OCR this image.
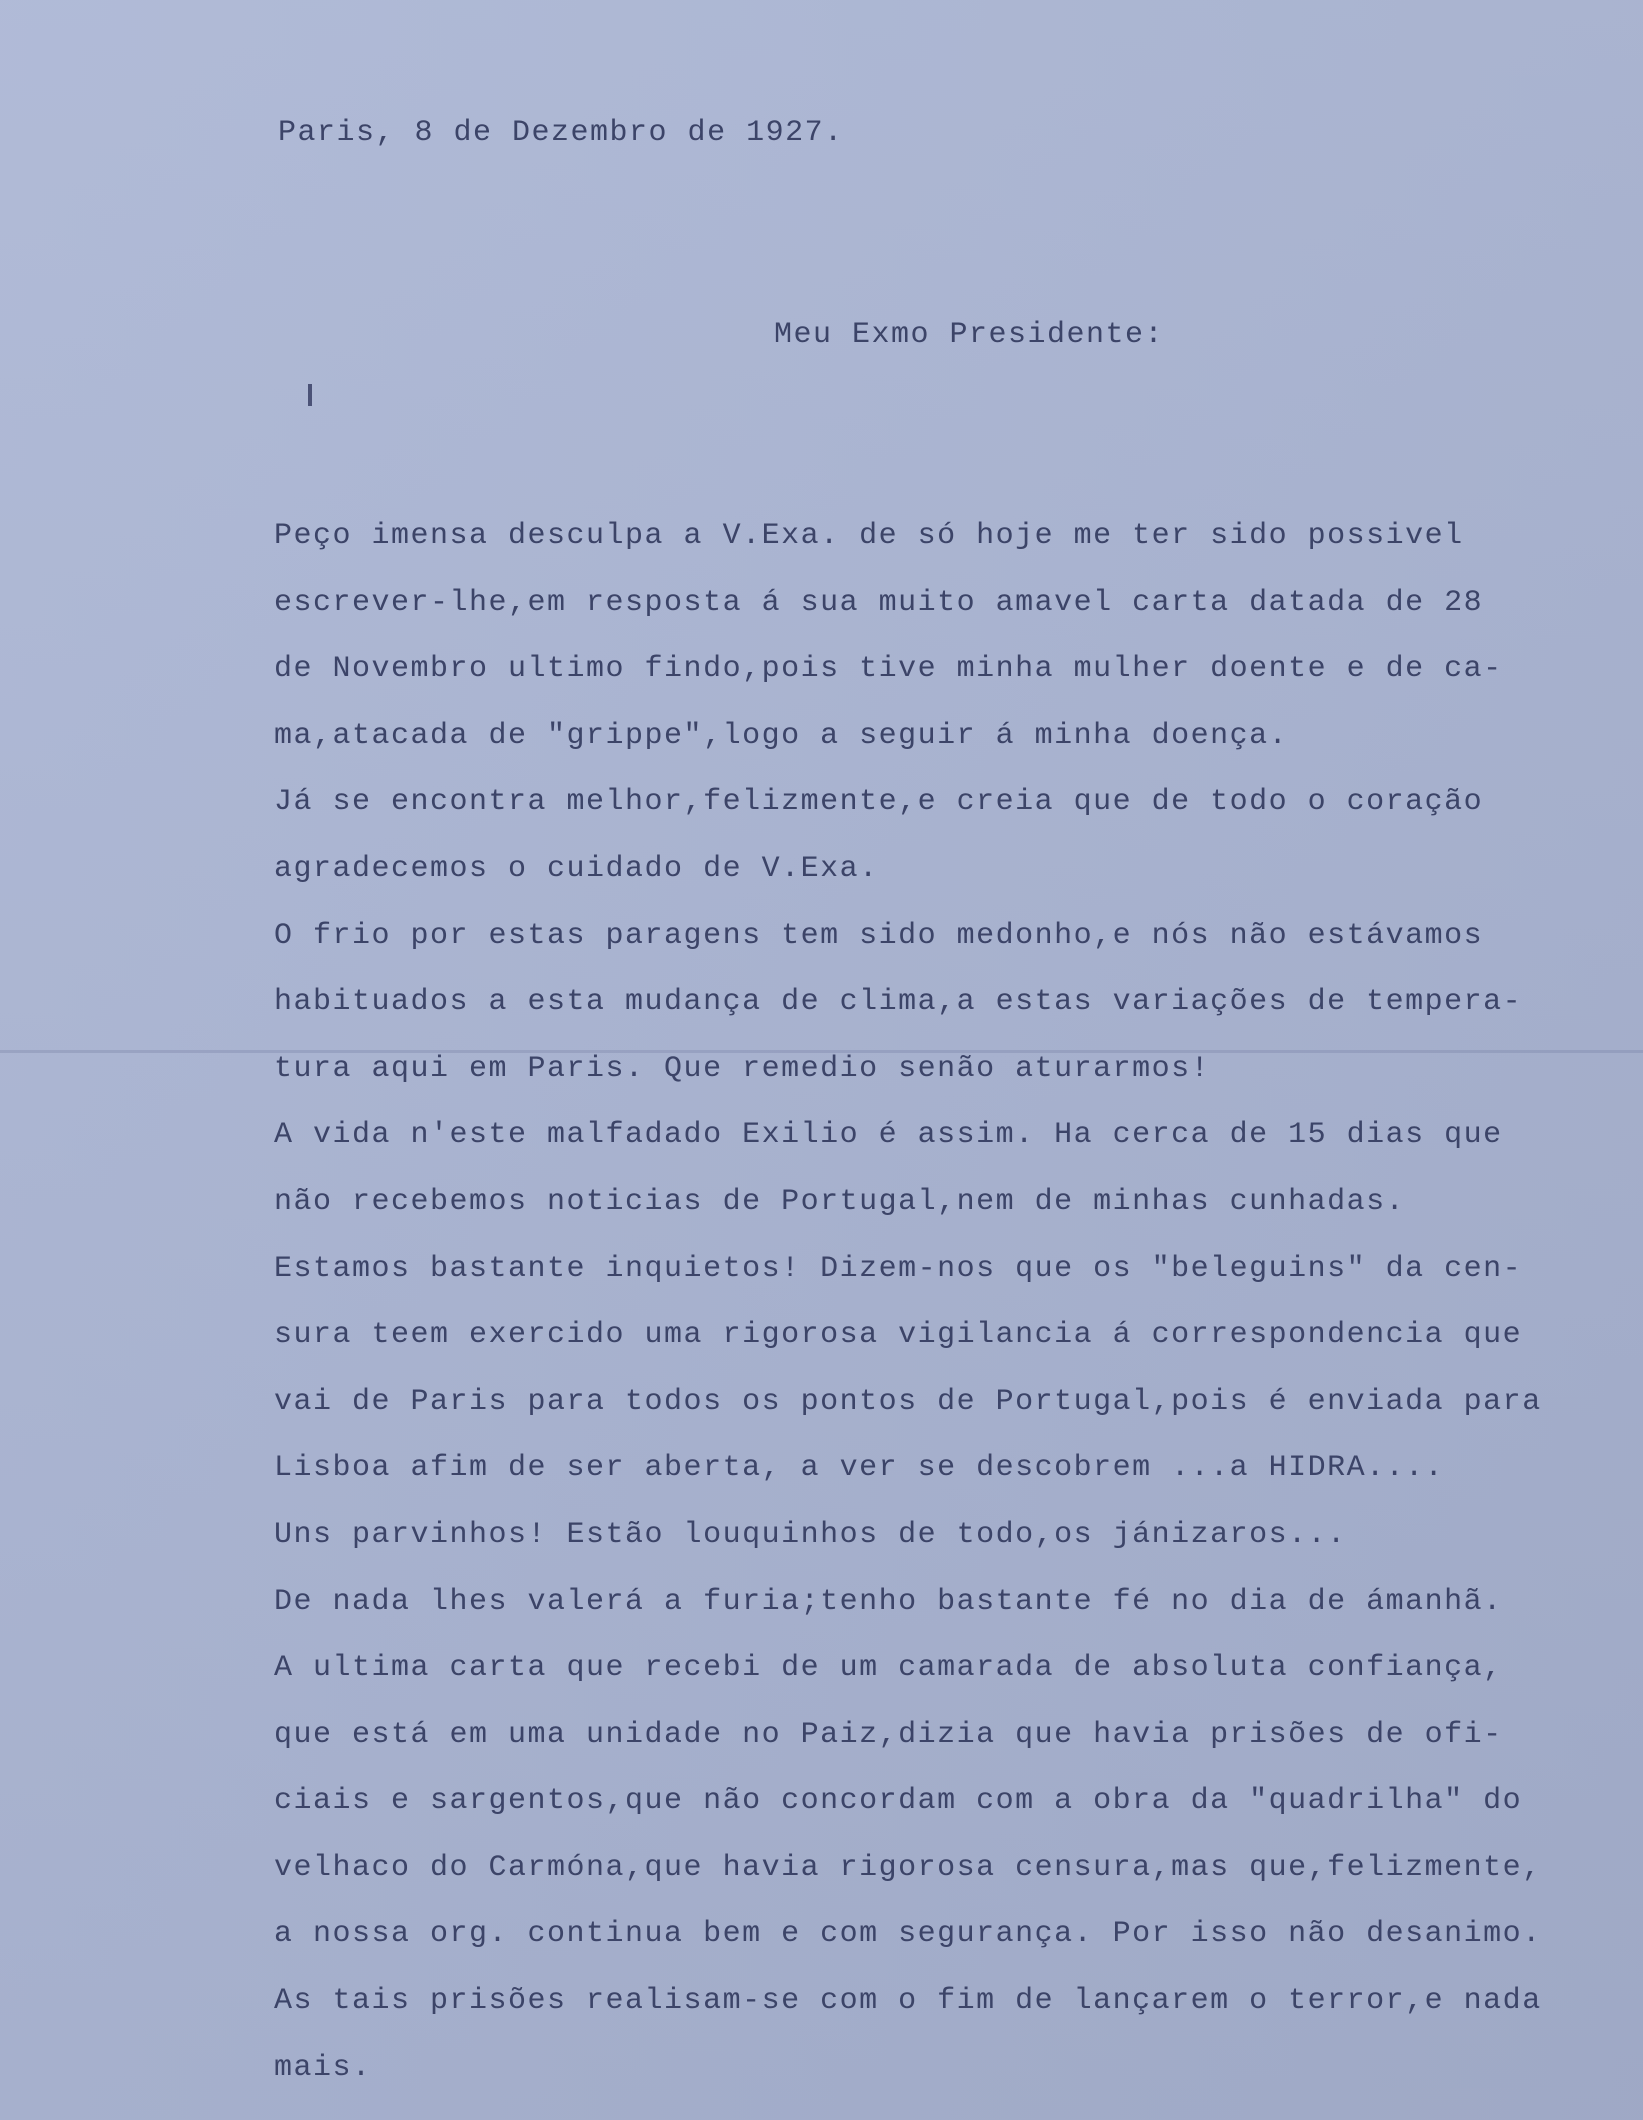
Paris, 8 de Dezembro de 1927.

Meu Exmo Presidente:

Peço imensa desculpa a V.Exa. de só hoje me ter sido possivel

escrever-lhe,em resposta á sua muito amavel carta datada de 28

de Novembro ultimo findo,pois tive minha mulher doente e de ca-

ma,atacada de "grippe",logo a seguir á minha doença.

Já se encontra melhor,felizmente,e creia que de todo o coração

agradecemos o cuidado de V.Exa.

O frio por estas paragens tem sido medonho,e nós não estávamos

habituados a esta mudança de clima,a estas variações de tempera-

tura aqui em Paris. Que remedio senão aturarmos!

A vida n'este malfadado Exilio é assim. Ha cerca de 15 dias que

não recebemos noticias de Portugal,nem de minhas cunhadas.

Estamos bastante inquietos! Dizem-nos que os "beleguins" da cen-

sura teem exercido uma rigorosa vigilancia á correspondencia que

vai de Paris para todos os pontos de Portugal,pois é enviada para

Lisboa afim de ser aberta, a ver se descobrem ...a HIDRA....

Uns parvinhos! Estão louquinhos de todo,os jánizaros...

De nada lhes valerá a furia;tenho bastante fé no dia de ámanhã.

A ultima carta que recebi de um camarada de absoluta confiança,

que está em uma unidade no Paiz,dizia que havia prisões de ofi-

ciais e sargentos,que não concordam com a obra da "quadrilha" do

velhaco do Carmóna,que havia rigorosa censura,mas que,felizmente,

a nossa org. continua bem e com segurança. Por isso não desanimo.

As tais prisões realisam-se com o fim de lançarem o terror,e nada

mais.
